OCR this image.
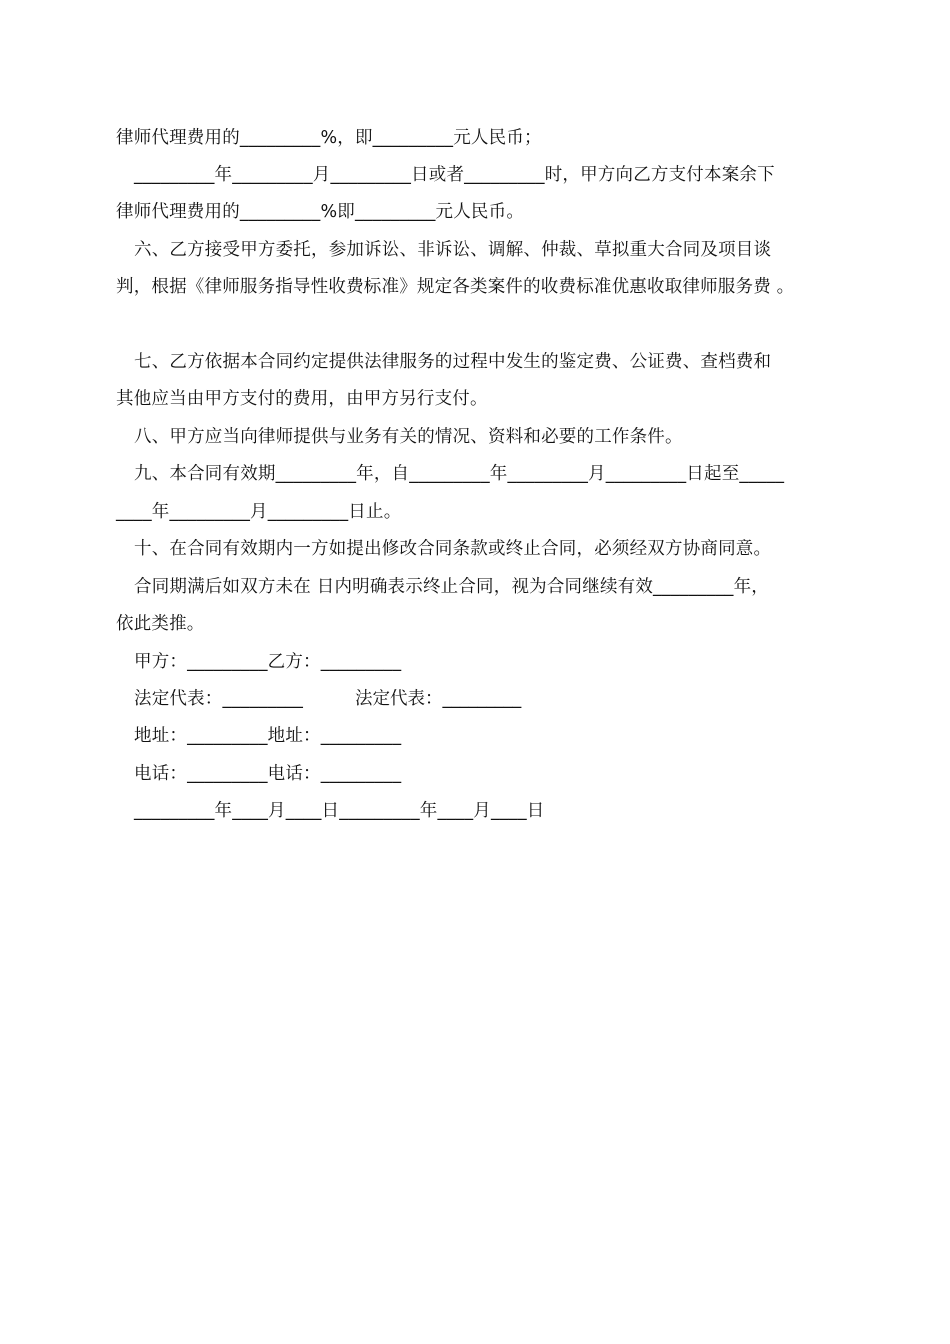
律师代理费用的_________%，即_________元人民币；
_________年_________月_________日或者_________时，甲方向乙方支付本案余下
律师代理费用的_________%即_________元人民币。
六、乙方接受甲方委托，参加诉讼、非诉讼、调解、仲裁、草拟重大合同及项目谈
判，根据《律师服务指导性收费标准》规定各类案件的收费标准优惠收取律师服务费 。
七、乙方依据本合同约定提供法律服务的过程中发生的鉴定费、公证费、查档费和
其他应当由甲方支付的费用，由甲方另行支付。
八、甲方应当向律师提供与业务有关的情况、资料和必要的工作条件。
九、本合同有效期_________年，自_________年_________月_________日起至_____
____年_________月_________日止。
十、在合同有效期内一方如提出修改合同条款或终止合同，必须经双方协商同意。
合同期满后如双方未在 日内明确表示终止合同，视为合同继续有效_________年，
依此类推。
甲方：_________乙方：_________
法定代表：_________	法定代表：_________
地址：_________地址：_________
电话：_________电话：_________
_________年____月____日_________年____月____日
